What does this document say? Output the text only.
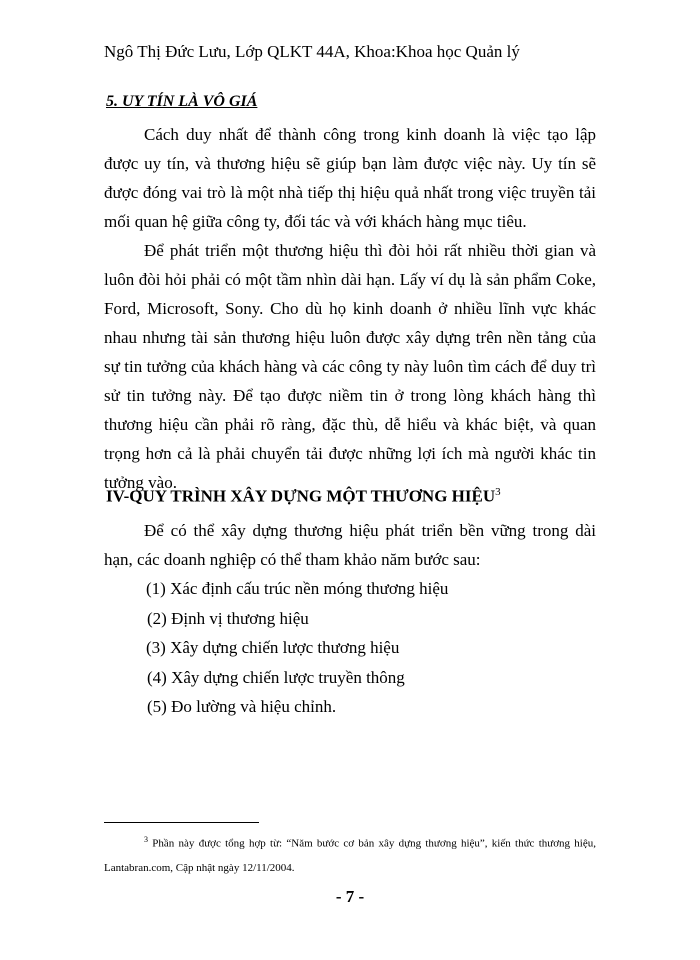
Ngô Thị Đức Lưu, Lớp QLKT 44A, Khoa:Khoa học Quản lý
5. UY TÍN LÀ VÔ GIÁ

Cách duy nhất để thành công trong kinh doanh là việc tạo lập được uy tín, và thương hiệu sẽ giúp bạn làm được việc này. Uy tín sẽ được đóng vai trò là một nhà tiếp thị hiệu quả nhất trong việc truyền tải mối quan hệ giữa công ty, đối tác và với khách hàng mục tiêu.

Để phát triển một thương hiệu thì đòi hỏi rất nhiều thời gian và luôn đòi hỏi phải có một tầm nhìn dài hạn. Lấy ví dụ là sản phẩm Coke, Ford, Microsoft, Sony. Cho dù họ kinh doanh ở nhiều lĩnh vực khác nhau nhưng tài sản thương hiệu luôn được xây dựng trên nền tảng của sự tin tưởng của khách hàng và các công ty này luôn tìm cách để duy trì sử tin tưởng này. Để tạo được niềm tin ở trong lòng khách hàng thì thương hiệu cần phải rõ ràng, đặc thù, dễ hiểu và khác biệt, và quan trọng hơn cả là phải chuyển tải được những lợi ích mà người khác tin tưởng vào.

IV-QUY TRÌNH XÂY DỰNG MỘT THƯƠNG HIỆU$^3$

Để có thể xây dựng thương hiệu phát triển bền vững trong dài hạn, các doanh nghiệp có thể tham khảo năm bước sau:

(1) Xác định cấu trúc nền móng thương hiệu
(2) Định vị thương hiệu
(3) Xây dựng chiến lược thương hiệu
(4) Xây dựng chiến lược truyền thông
(5) Đo lường và hiệu chỉnh.

$^3$ Phần này được tổng hợp từ: “Năm bước cơ bản xây dựng thương hiệu”, kiến thức thương hiệu, Lantabran.com, Cập nhật ngày 12/11/2004.

- 7 -
